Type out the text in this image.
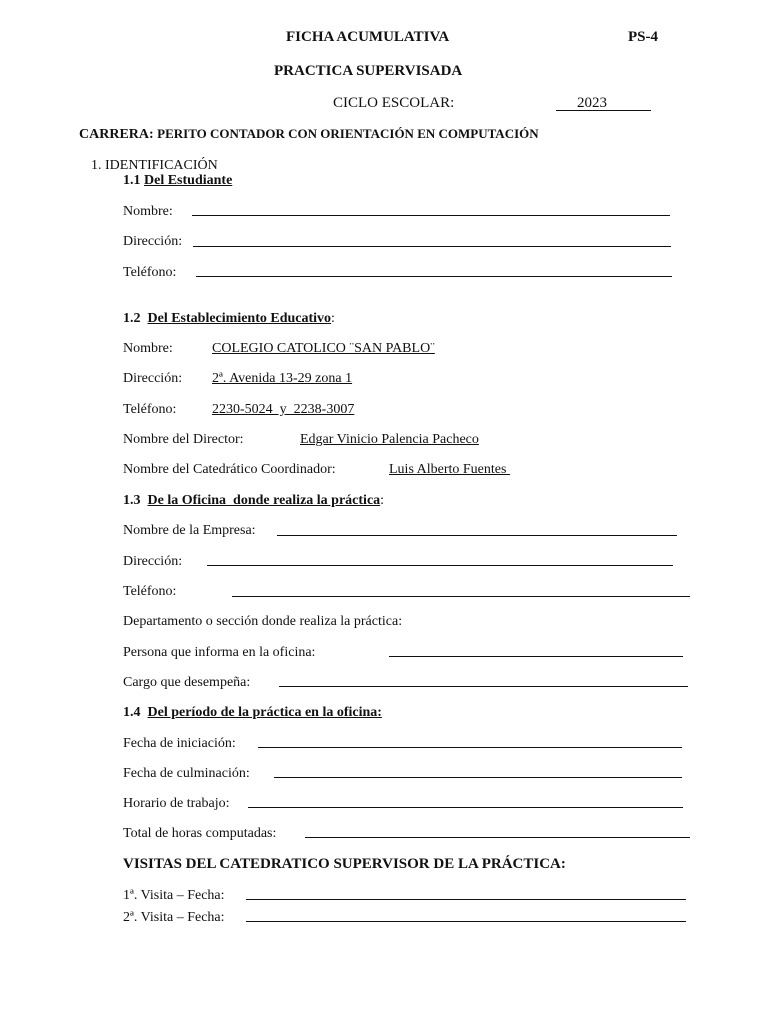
FICHA ACUMULATIVA	PS-4
PRACTICA SUPERVISADA
CICLO ESCOLAR:	2023
CARRERA: PERITO CONTADOR CON ORIENTACIÓN EN COMPUTACIÓN
1. IDENTIFICACIÓN
1.1 Del Estudiante
Nombre:
Dirección:
Teléfono:
1.2 Del Establecimiento Educativo:
Nombre:	COLEGIO CATOLICO ¨SAN PABLO¨
Dirección: 2ª. Avenida 13-29 zona 1
Teléfono:	2230-5024  y  2238-3007
Nombre del Director:	Edgar Vinicio Palencia Pacheco
Nombre del Catedrático Coordinador:	Luis Alberto Fuentes
1.3 De la Oficina  donde realiza la práctica:
Nombre de la Empresa:
Dirección:
Teléfono:
Departamento o sección donde realiza la práctica:
Persona que informa en la oficina:
Cargo que desempeña:
1.4 Del período de la práctica en la oficina:
Fecha de iniciación:
Fecha de culminación:
Horario de trabajo:
Total de horas computadas:
VISITAS DEL CATEDRATICO SUPERVISOR DE LA PRÁCTICA:
1ª. Visita – Fecha:
2ª. Visita – Fecha:
